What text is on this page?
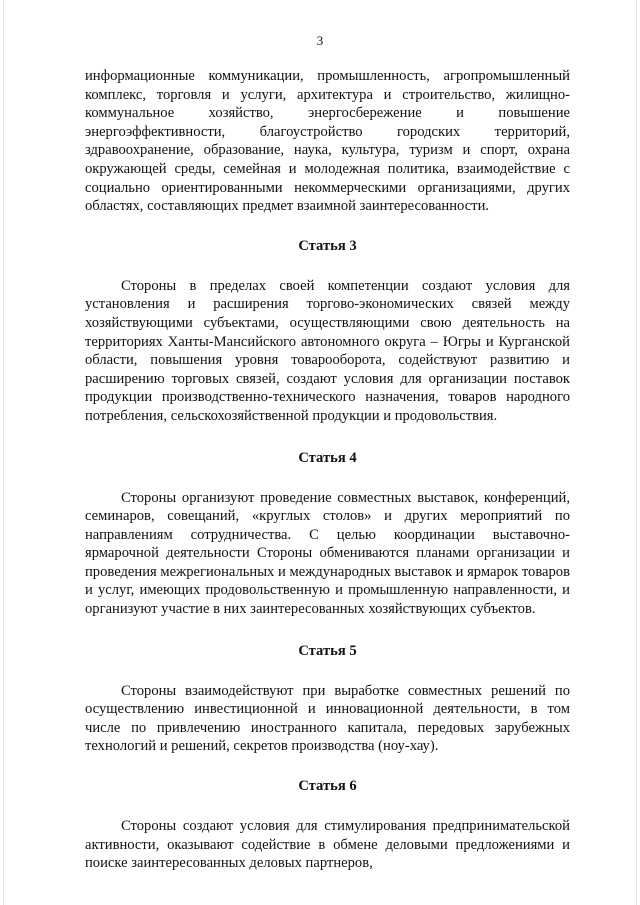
3

информационные коммуникации, промышленность, агропромышленный комплекс, торговля и услуги, архитектура и строительство, жилищно-коммунальное хозяйство, энергосбережение и повышение энергоэффективности, благоустройство городских территорий, здравоохранение, образование, наука, культура, туризм и спорт, охрана окружающей среды, семейная и молодежная политика, взаимодействие с социально ориентированными некоммерческими организациями, других областях, составляющих предмет взаимной заинтересованности.

Статья 3

Стороны в пределах своей компетенции создают условия для установления и расширения торгово-экономических связей между хозяйствующими субъектами, осуществляющими свою деятельность на территориях Ханты-Мансийского автономного округа – Югры и Курганской области, повышения уровня товарооборота, содействуют развитию и расширению торговых связей, создают условия для организации поставок продукции производственно-технического назначения, товаров народного потребления, сельскохозяйственной продукции и продовольствия.

Статья 4

Стороны организуют проведение совместных выставок, конференций, семинаров, совещаний, «круглых столов» и других мероприятий по направлениям сотрудничества. С целью координации выставочно-ярмарочной деятельности Стороны обмениваются планами организации и проведения межрегиональных и международных выставок и ярмарок товаров и услуг, имеющих продовольственную и промышленную направленности, и организуют участие в них заинтересованных хозяйствующих субъектов.

Статья 5

Стороны взаимодействуют при выработке совместных решений по осуществлению инвестиционной и инновационной деятельности, в том числе по привлечению иностранного капитала, передовых зарубежных технологий и решений, секретов производства (ноу-хау).

Статья 6

Стороны создают условия для стимулирования предпринимательской активности, оказывают содействие в обмене деловыми предложениями и поиске заинтересованных деловых партнеров,
